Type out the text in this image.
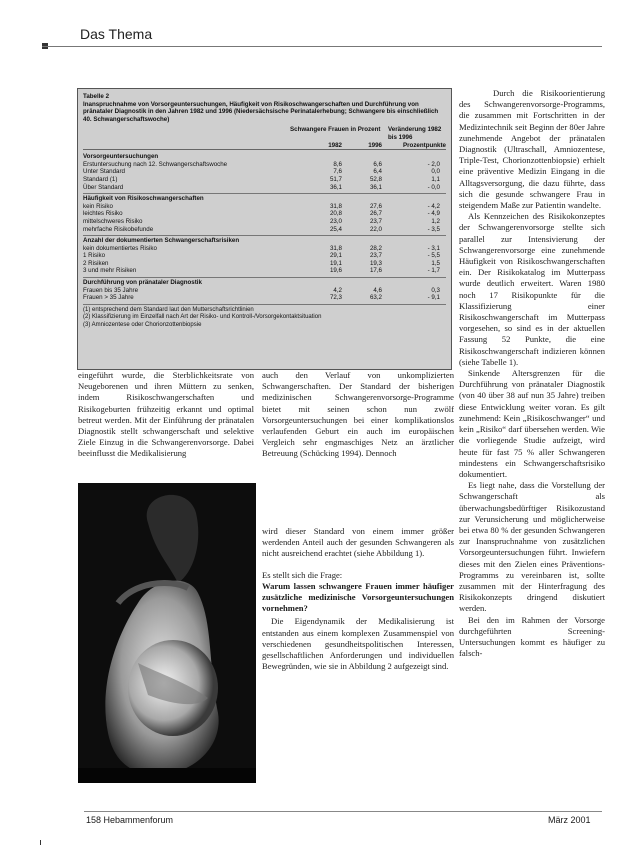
Das Thema
Tabelle 2
Inanspruchnahme von Vorsorgeuntersuchungen, Häufigkeit von Risikoschwangerschaften und Durchführung von pränataler Diagnostik in den Jahren 1982 und 1996 (Niedersächsische Perinatalerhebung; Schwangere bis einschließlich 40. Schwangerschaftswoche)
Schwangere Frauen in Prozent Veränderung 1982 bis 1996
1982	1996	Prozentpunkte
Vorsorgeuntersuchungen
Erstuntersuchung nach 12. Schwangerschaftswoche	8,6	6,6	- 2,0
Unter Standard	7,6	6,4	0,0
Standard (1)	51,7	52,8	1,1
Über Standard	36,1	36,1	- 0,0
Häufigkeit von Risikoschwangerschaften
kein Risiko	31,8	27,6	- 4,2
leichtes Risiko	20,8	26,7	- 4,9
mittelschweres Risiko	23,0	23,7	1,2
mehrfache Risikobefunde	25,4	22,0	- 3,5
Anzahl der dokumentierten Schwangerschaftsrisiken
kein dokumentiertes Risiko	31,8	28,2	- 3,1
1 Risiko	29,1	23,7	- 5,5
2 Risiken	19,1	19,3	1,5
3 und mehr Risiken	19,6	17,6	- 1,7
Durchführung von pränataler Diagnostik
Frauen bis 35 Jahre	4,2	4,6	0,3
Frauen > 35 Jahre	72,3	63,2	- 9,1
(1) entsprechend dem Standard laut den Mutterschaftsrichtlinien
(2) Klassifizierung im Einzelfall nach Art der Risiko- und Kontroll-/Vorsorgekontaktsituation
(3) Amniozentese oder Chorionzottenbiopsie

Durch die Risikoorientierung des Schwangerenvorsorge-Programms, die zusammen mit Fortschritten in der Medizintechnik seit Beginn der 80er Jahre zunehmende Angebot der pränatalen Diagnostik (Ultraschall, Amniozentese, Triple-Test, Chorionzottenbiopsie) erhielt eine präventive Medizin Eingang in die Alltagsversorgung, die dazu führte, dass sich die gesunde schwangere Frau in steigendem Maße zur Patientin wandelte.

Als Kennzeichen des Risikokonzeptes der Schwangerenvorsorge stellte sich parallel zur Intensivierung der Schwangerenvorsorge eine zunehmende Häufigkeit von Risikoschwangerschaften ein. Der Risikokatalog im Mutterpass wurde deutlich erweitert. Waren 1980 noch 17 Risikopunkte für die Klassifizierung einer Risikoschwangerschaft im Mutterpass vorgesehen, so sind es in der aktuellen Fassung 52 Punkte, die eine Risikoschwangerschaft indizieren können (siehe Tabelle 1).

Sinkende Altersgrenzen für die Durchführung von pränataler Diagnostik (von 40 über 38 auf nun 35 Jahre) treiben diese Entwicklung weiter voran. Es gilt zunehmend: Kein „Risikoschwanger“ und kein „Risiko“ darf übersehen werden. Wie die vorliegende Studie aufzeigt, wird heute für fast 75 % aller Schwangeren mindestens ein Schwangerschaftsrisiko dokumentiert.

Es liegt nahe, dass die Vorstellung der Schwangerschaft als überwachungsbedürftiger Risikozustand zur Verunsicherung und möglicherweise bei etwa 80 % der gesunden Schwangeren zur Inanspruchnahme von zusätzlichen Vorsorgeuntersuchungen führt. Inwiefern dieses mit den Zielen eines Präventions-Programms zu vereinbaren ist, sollte zusammen mit der Hinterfragung des Risikokonzepts dringend diskutiert werden.

Bei den im Rahmen der Vorsorge durchgeführten Screening-Untersuchungen kommt es häufiger zu falsch-

eingeführt wurde, die Sterblichkeitsrate von Neugeborenen und ihren Müttern zu senken, indem Risikoschwangerschaften und Risikogeburten frühzeitig erkannt und optimal betreut werden. Mit der Einführung der pränatalen Diagnostik stellt schwangerschaft und selektive Ziele Einzug in die Schwangerenvorsorge. Dabei beeinflusst die Medikalisierung

auch den Verlauf von unkomplizierten Schwangerschaften. Der Standard der bisherigen medizinischen Schwangerenvorsorge-Programme bietet mit seinen schon nun zwölf Vorsorgeuntersuchungen bei einer komplikationslos verlaufenden Geburt ein auch im europäischen Vergleich sehr engmaschiges Netz an ärztlicher Betreuung (Schücking 1994). Dennoch

wird dieser Standard von einem immer größer werdenden Anteil auch der gesunden Schwangeren als nicht ausreichend erachtet (siehe Abbildung 1).

Es stellt sich die Frage:

Warum lassen schwangere Frauen immer häufiger zusätzliche medizinische Vorsorgeuntersuchungen vornehmen?

Die Eigendynamik der Medikalisierung ist entstanden aus einem komplexen Zusammenspiel von verschiedenen gesundheitspolitischen Interessen, gesellschaftlichen Anforderungen und individuellen Bewegründen, wie sie in Abbildung 2 aufgezeigt sind.

158 Hebammenforum	März 2001
